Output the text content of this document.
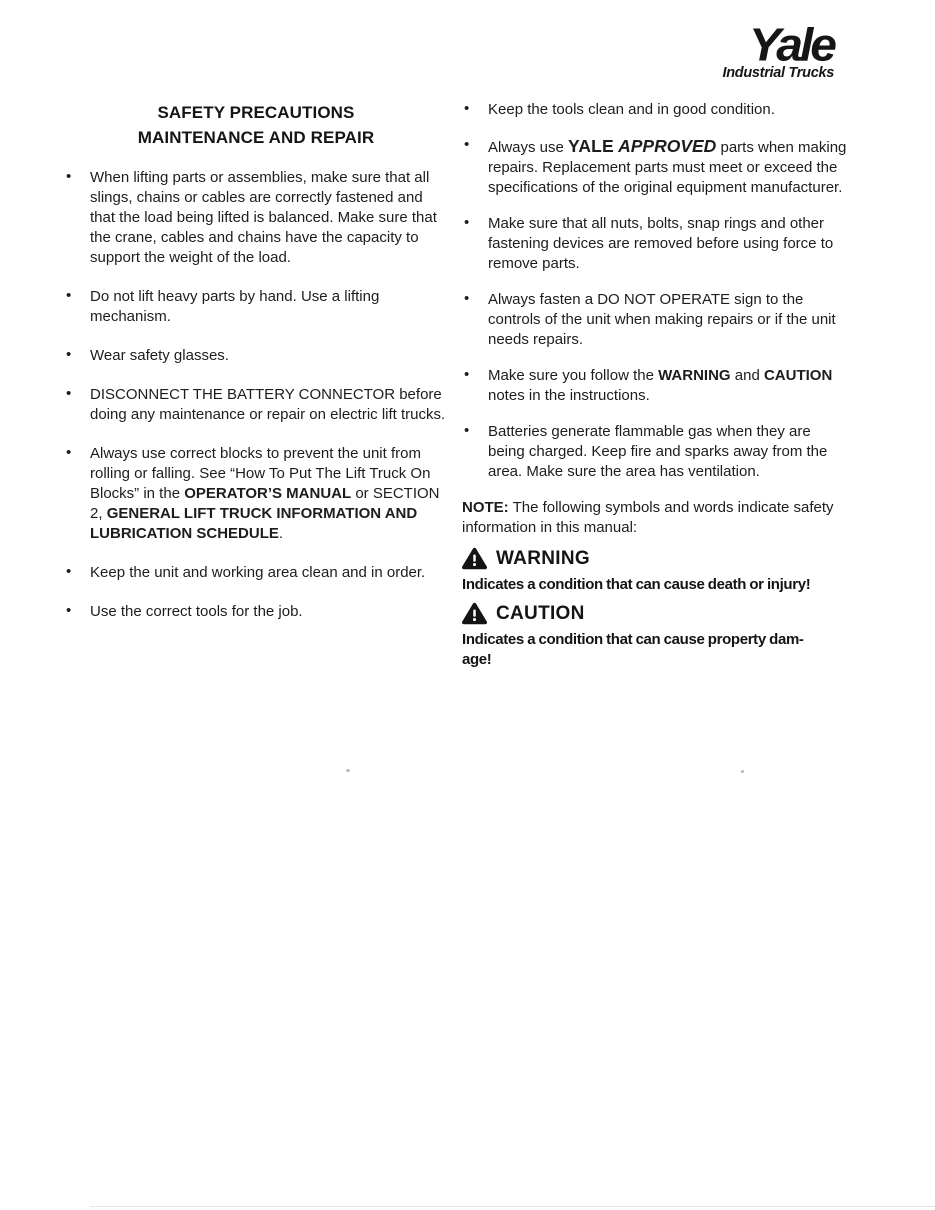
Yale
Industrial Trucks
SAFETY PRECAUTIONS
MAINTENANCE AND REPAIR
• When lifting parts or assemblies, make sure that all slings, chains or cables are correctly fastened and that the load being lifted is balanced. Make sure that the crane, cables and chains have the capacity to support the weight of the load.
• Do not lift heavy parts by hand. Use a lifting mechanism.
• Wear safety glasses.
• DISCONNECT THE BATTERY CONNECTOR before doing any maintenance or repair on electric lift trucks.
• Always use correct blocks to prevent the unit from rolling or falling. See “How To Put The Lift Truck On Blocks” in the OPERATOR’S MANUAL or SECTION 2, GENERAL LIFT TRUCK INFORMATION AND LUBRICATION SCHEDULE.
• Keep the unit and working area clean and in order.
• Use the correct tools for the job.
• Keep the tools clean and in good condition.
• Always use YALE APPROVED parts when making repairs. Replacement parts must meet or exceed the specifications of the original equipment manufacturer.
• Make sure that all nuts, bolts, snap rings and other fastening devices are removed before using force to remove parts.
• Always fasten a DO NOT OPERATE sign to the controls of the unit when making repairs or if the unit needs repairs.
• Make sure you follow the WARNING and CAUTION notes in the instructions.
• Batteries generate flammable gas when they are being charged. Keep fire and sparks away from the area. Make sure the area has ventilation.

NOTE: The following symbols and words indicate safety information in this manual:

WARNING

Indicates a condition that can cause death or injury!

CAUTION

Indicates a condition that can cause property dam-
age!
